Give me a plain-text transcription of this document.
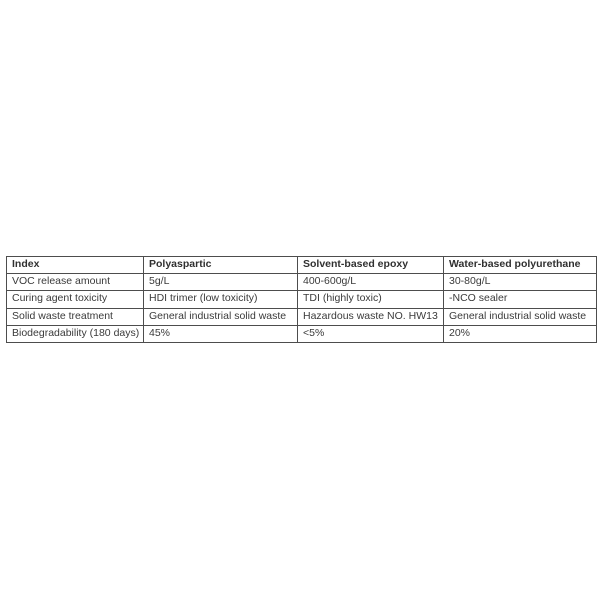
Index	Polyaspartic	Solvent-based epoxy	Water-based polyurethane
VOC release amount	5g/L	400-600g/L	30-80g/L
Curing agent toxicity	HDI trimer (low toxicity)	TDI (highly toxic)	-NCO sealer
Solid waste treatment	General industrial solid waste	Hazardous waste NO. HW13	General industrial solid waste
Biodegradability (180 days)	45%	<5%	20%
